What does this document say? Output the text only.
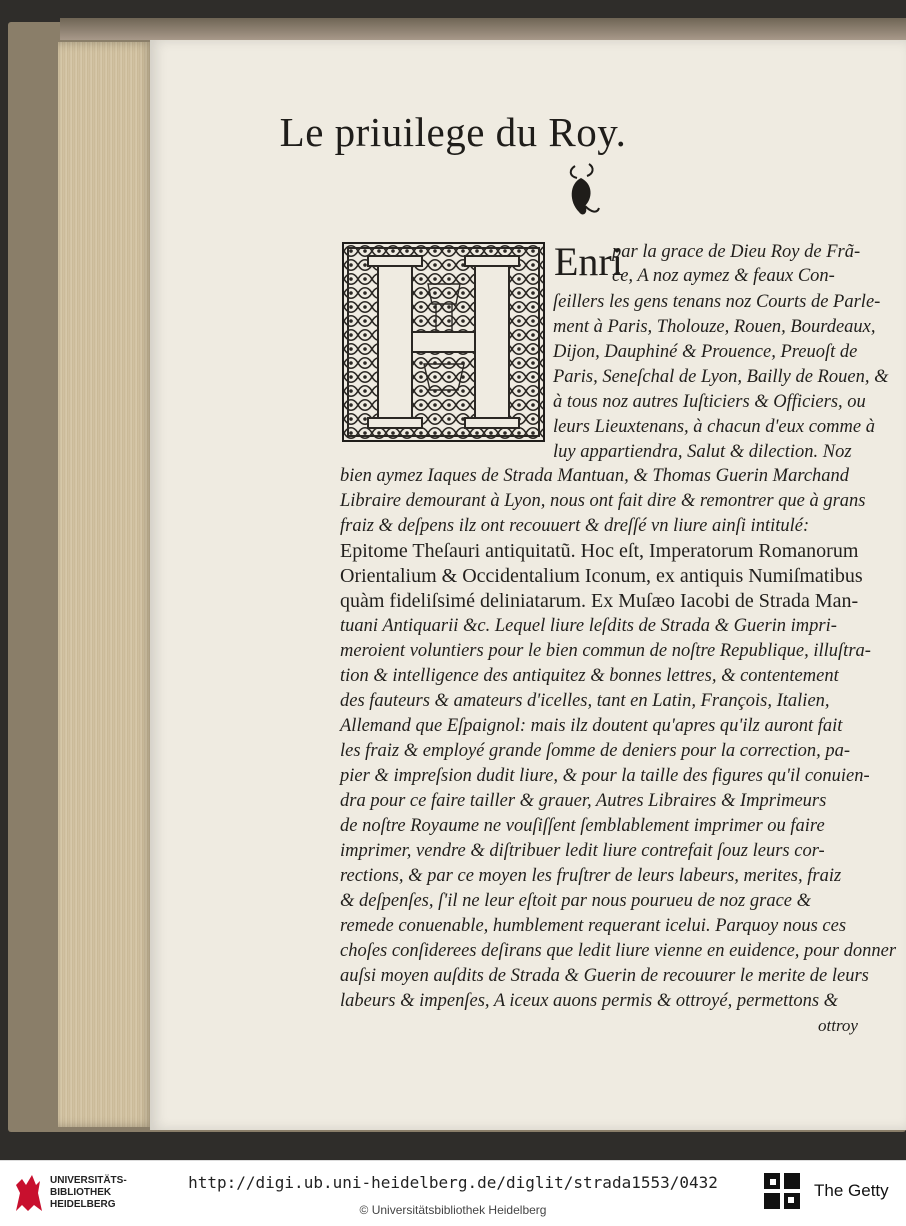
Le priuilege du Roy.
Enri
par la grace de Dieu Roy de Frã-
ce, A noz aymez & feaux Con-
ſeillers les gens tenans noz Courts de Parle-
ment à Paris, Tholouze, Rouen, Bourdeaux,
Dijon, Dauphiné & Prouence, Preuoſt de
Paris, Seneſchal de Lyon, Bailly de Rouen, &
à tous noz autres Iuſticiers & Officiers, ou
leurs Lieuxtenans, à chacun d'eux comme à
luy appartiendra, Salut & dilection. Noz
bien aymez Iaques de Strada Mantuan, & Thomas Guerin Marchand
Libraire demourant à Lyon, nous ont fait dire & remontrer que à grans
fraiz & deſpens ilz ont recouuert & dreſſé vn liure ainſi intitulé:
Epitome Theſauri antiquitatũ. Hoc eſt, Imperatorum Romanorum
Orientalium & Occidentalium Iconum, ex antiquis Numiſmatibus
quàm fideliſsimé deliniatarum. Ex Muſæo Iacobi de Strada Man-
tuani Antiquarii &c. Lequel liure leſdits de Strada & Guerin impri-
meroient voluntiers pour le bien commun de noſtre Republique, illuſtra-
tion & intelligence des antiquitez & bonnes lettres, & contentement
des fauteurs & amateurs d'icelles, tant en Latin, François, Italien,
Allemand que Eſpaignol: mais ilz doutent qu'apres qu'ilz auront fait
les fraiz & employé grande ſomme de deniers pour la correction, pa-
pier & impreſsion dudit liure, & pour la taille des figures qu'il conuien-
dra pour ce faire tailler & grauer, Autres Libraires & Imprimeurs
de noſtre Royaume ne vouſiſſent ſemblablement imprimer ou faire
imprimer, vendre & diſtribuer ledit liure contrefait ſouz leurs cor-
rections, & par ce moyen les fruſtrer de leurs labeurs, merites, fraiz
& deſpenſes, ſ'il ne leur eſtoit par nous pourueu de noz grace &
remede conuenable, humblement requerant icelui. Parquoy nous ces
choſes conſiderees deſirans que ledit liure vienne en euidence, pour donner
auſsi moyen auſdits de Strada & Guerin de recouurer le merite de leurs
labeurs & impenſes, A iceux auons permis & ottroyé, permettons &
ottroy
UNIVERSITÄTS-
BIBLIOTHEK
HEIDELBERG
http://digi.ub.uni-heidelberg.de/diglit/strada1553/0432
© Universitätsbibliothek Heidelberg
The Getty
